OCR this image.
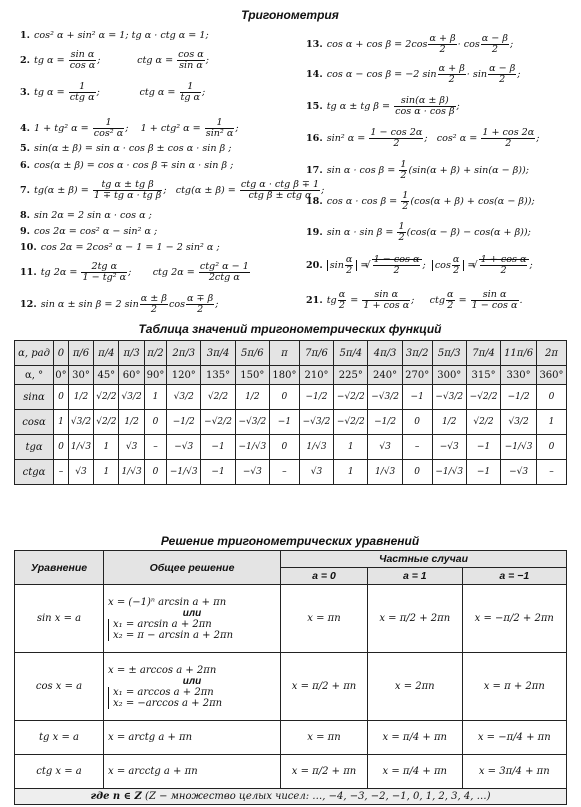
Тригонометрия
1. cos² α + sin² α = 1; tg α · ctg α = 1;
2. tg $\alpha = \frac{\text{sin α}}{\text{cos α}}$ ;            ctg $\alpha = \frac{\text{cos α}}{\text{sin α}}$ ;
3. tg $\alpha = \frac{1}{\text{ctg α}}$ ;             ctg $\alpha = \frac{1}{\text{tg α}}$ ;
4. 1 + tg² $\alpha = \frac{1}{\text{cos² α}}$ ;    1 + ctg² $\alpha = \frac{1}{\text{sin² α}}$ ;
5. sin(α ± β) = sin α · cos β ± cos α · sin β ;
6. cos(α ± β) = cos α · cos β ∓ sin α · sin β ;
7. $tg(\alpha \pm \beta) = \frac{\text{tg α ± tg β}}{\text{1 ∓ tg α · tg β}}$ ;   $ctg(\alpha \pm \beta) = \frac{\text{ctg α · ctg β ∓ 1}}{\text{ctg β ± ctg α}}$ ;
8. sin 2α = 2 sin α · cos α ;
9. cos 2α = cos² α − sin² α ;
10. cos 2α = 2cos² α − 1 = 1 − 2 sin² α ;
11. tg $2\alpha = \frac{\text{2tg α}}{\text{1 − tg² α}}$ ;       ctg $2\alpha = \frac{\text{ctg² α − 1}}{\text{2ctg α}}$
12. sin α ± sin β = 2 $\sin \frac{\alpha \pm \beta}{2}$ $\cos \frac{\alpha \mp \beta}{2}$ ;
13. $\cos \alpha + \cos \beta = 2\cos \frac{\alpha + \beta}{2} \cdot \cos \frac{\alpha - \beta}{2}$ ;
14. cos α − cos β = −2 $\sin \frac{\alpha + \beta}{2} \cdot \sin \frac{\alpha - \beta}{2}$ ;
15. tg α ± tg $\beta = \frac{\sin(\alpha \pm \beta)}{\text{cos α · cos β}}$ ;
16. sin² $\alpha = \frac{1 - \cos 2\alpha}{2}$ ;   cos² $\alpha = \frac{1 + \cos 2\alpha}{2}$ ;
17. $\sin \alpha \cdot \cos \beta = \frac{1}{2} (\sin(\alpha + \beta) + \sin(\alpha - \beta))$;
18. $\cos \alpha \cdot \cos \beta = \frac{1}{2} (\cos(\alpha + \beta) + \cos(\alpha - \beta))$;
19. $\sin \alpha \cdot \sin \beta = \frac{1}{2} (\cos(\alpha - \beta) - \cos(\alpha + \beta))$;
20. $\sin \frac{\alpha}{2}$ = √ $\frac{\text{1 − cos α}}{2}$ ;  $\cos \frac{\alpha}{2}$ = √ $\frac{\text{1 + cos α}}{2}$ ;
21. tg $\frac{\alpha}{2} = \frac{\text{sin α}}{\text{1 + cos α}}$ ;     ctg $\frac{\alpha}{2} = \frac{\text{sin α}}{\text{1 − cos α}}$ .
Таблица значений тригонометрических функций
α, рад	0	π/6	π/4	π/3	π/2	2π/3	3π/4	5π/6	π	7π/6	5π/4	4π/3	3π/2	5π/3	7π/4	11π/6	2π
α, °	0°	30°	45°	60°	90°	120°	135°	150°	180°	210°	225°	240°	270°	300°	315°	330°	360°
sinα	0	1/2	√2/2	√3/2	1	√3/2	√2/2	1/2	0	−1/2	−√2/2	−√3/2	−1	−√3/2	−√2/2	−1/2	0
cosα	1	√3/2	√2/2	1/2	0	−1/2	−√2/2	−√3/2	−1	−√3/2	−√2/2	−1/2	0	1/2	√2/2	√3/2	1
tgα	0	1/√3	1	√3	–	−√3	−1	−1/√3	0	1/√3	1	√3	–	−√3	−1	−1/√3	0
ctgα	–	√3	1	1/√3	0	−1/√3	−1	−√3	–	√3	1	1/√3	0	−1/√3	−1	−√3	–
Решение тригонометрических уравнений
Уравнение	Общее решение	Частные случаи		
		a = 0	a = 1	a = −1
sin x = a	x = (−1)ⁿ arcsin a + πn
или
x₁ = arcsin a + 2πn
x₂ = π − arcsin a + 2πn	x = πn	x = π/2 + 2πn	x = −π/2 + 2πn
cos x = a	x = ± arccos a + 2πn
или
x₁ = arccos a + 2πn
x₂ = −arccos a + 2πn	x = π/2 + πn	x = 2πn	x = π + 2πn
tg x = a	x = arctg a + πn	x = πn	x = π/4 + πn	x = −π/4 + πn
ctg x = a	x = arcctg a + πn	x = π/2 + πn	x = π/4 + πn	x = 3π/4 + πn
где n ∈ Z (Z − множество целых чисел: …, −4, −3, −2, −1, 0, 1, 2, 3, 4, …)				
